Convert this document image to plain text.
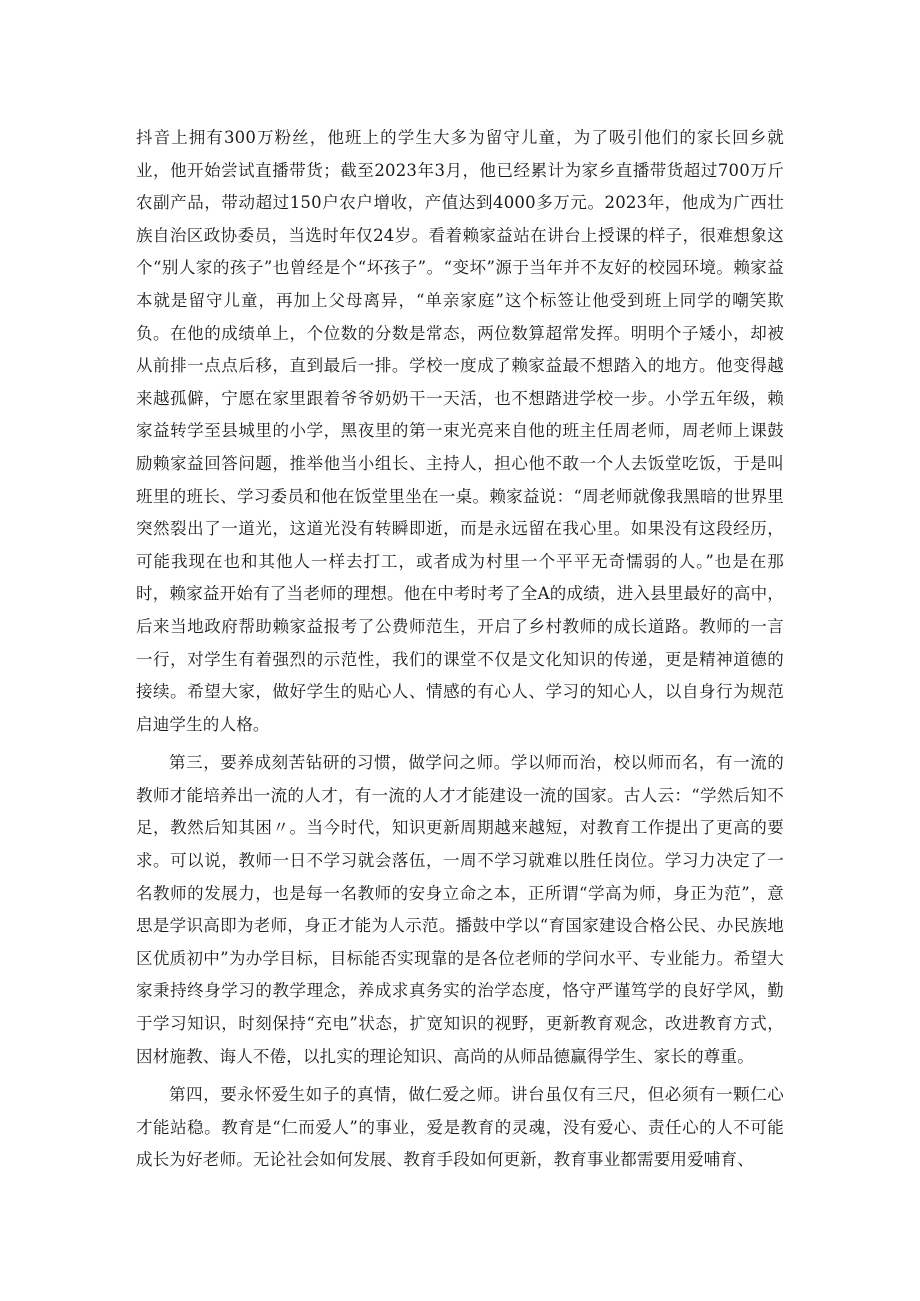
抖音上拥有300万粉丝，他班上的学生大多为留守儿童，为了吸引他们的家长回乡就业，他开始尝试直播带货；截至2023年3月，他已经累计为家乡直播带货超过700万斤农副产品，带动超过150户农户增收，产值达到4000多万元。2023年，他成为广西壮族自治区政协委员，当选时年仅24岁。看着赖家益站在讲台上授课的样子，很难想象这个“别人家的孩子”也曾经是个“坏孩子”。“变坏”源于当年并不友好的校园环境。赖家益本就是留守儿童，再加上父母离异，“单亲家庭”这个标签让他受到班上同学的嘲笑欺负。在他的成绩单上，个位数的分数是常态，两位数算超常发挥。明明个子矮小，却被从前排一点点后移，直到最后一排。学校一度成了赖家益最不想踏入的地方。他变得越来越孤僻，宁愿在家里跟着爷爷奶奶干一天活，也不想踏进学校一步。小学五年级，赖家益转学至县城里的小学，黑夜里的第一束光亮来自他的班主任周老师，周老师上课鼓励赖家益回答问题，推举他当小组长、主持人，担心他不敢一个人去饭堂吃饭，于是叫班里的班长、学习委员和他在饭堂里坐在一桌。赖家益说：“周老师就像我黑暗的世界里突然裂出了一道光，这道光没有转瞬即逝，而是永远留在我心里。如果没有这段经历，可能我现在也和其他人一样去打工，或者成为村里一个平平无奇懦弱的人。”也是在那时，赖家益开始有了当老师的理想。他在中考时考了全A的成绩，进入县里最好的高中，后来当地政府帮助赖家益报考了公费师范生，开启了乡村教师的成长道路。教师的一言一行，对学生有着强烈的示范性，我们的课堂不仅是文化知识的传递，更是精神道德的接续。希望大家，做好学生的贴心人、情感的有心人、学习的知心人，以自身行为规范启迪学生的人格。

第三，要养成刻苦钻研的习惯，做学问之师。学以师而治，校以师而名，有一流的教师才能培养出一流的人才，有一流的人才才能建设一流的国家。古人云：“学然后知不足，教然后知其困〃。当今时代，知识更新周期越来越短，对教育工作提出了更高的要求。可以说，教师一日不学习就会落伍，一周不学习就难以胜任岗位。学习力决定了一名教师的发展力，也是每一名教师的安身立命之本，正所谓“学高为师，身正为范”，意思是学识高即为老师，身正才能为人示范。播鼓中学以“育国家建设合格公民、办民族地区优质初中”为办学目标，目标能否实现靠的是各位老师的学问水平、专业能力。希望大家秉持终身学习的教学理念，养成求真务实的治学态度，恪守严谨笃学的良好学风，勤于学习知识，时刻保持“充电”状态，扩宽知识的视野，更新教育观念，改进教育方式，因材施教、诲人不倦，以扎实的理论知识、高尚的从师品德赢得学生、家长的尊重。

第四，要永怀爱生如子的真情，做仁爱之师。讲台虽仅有三尺，但必须有一颗仁心才能站稳。教育是“仁而爱人”的事业，爱是教育的灵魂，没有爱心、责任心的人不可能成长为好老师。无论社会如何发展、教育手段如何更新，教育事业都需要用爱哺育、
